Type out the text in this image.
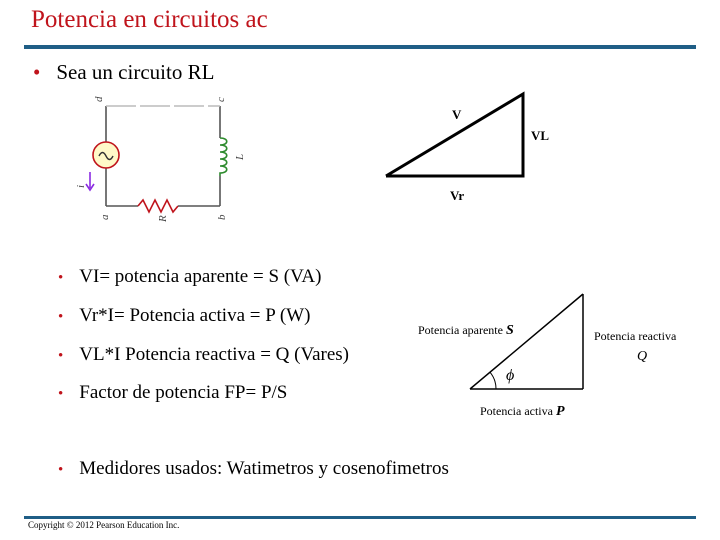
Potencia en circuitos ac
• Sea un circuito RL
d	c
a	b
L
R
i
V
VL
Vr
• VI= potencia aparente = S (VA)
• Vr*I= Potencia activa = P (W)
• VL*I Potencia reactiva = Q (Vares)
• Factor de potencia FP= P/S
• Medidores usados: Watimetros y cosenofimetros
ϕ
Potencia aparente S	Potencia reactiva
Q
Potencia activa P
Copyright © 2012 Pearson Education Inc.
